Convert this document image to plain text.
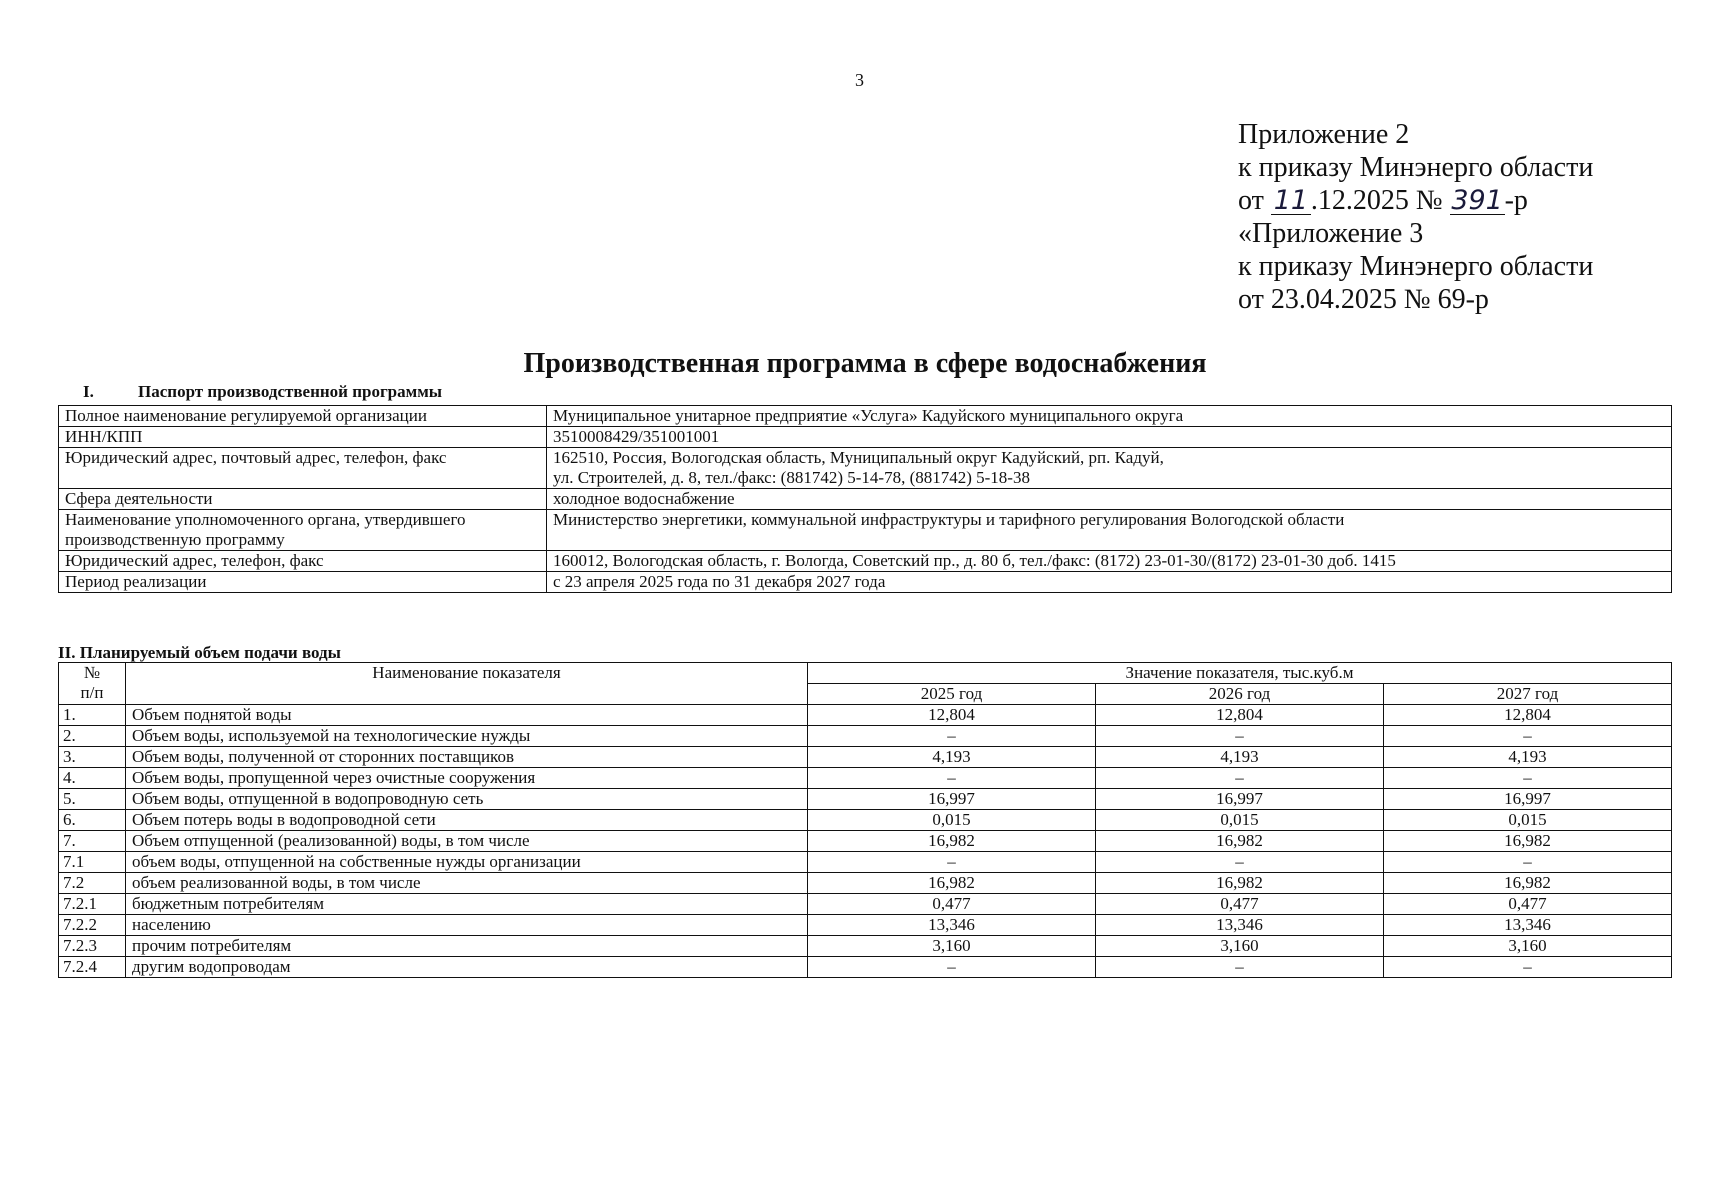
3
Приложение 2
к приказу Минэнерго области
от 11 .12.2025 № 391-р
«Приложение 3
к приказу Минэнерго области
от 23.04.2025 № 69-р
Производственная программа в сфере водоснабжения
I.	Паспорт производственной программы
Полное наименование регулируемой организации	Муниципальное унитарное предприятие «Услуга» Кадуйского муниципального округа
ИНН/КПП	3510008429/351001001
Юридический адрес, почтовый адрес, телефон, факс	162510, Россия, Вологодская область, Муниципальный округ Кадуйский, рп. Кадуй,
ул. Строителей, д. 8, тел./факс: (881742) 5-14-78, (881742) 5-18-38
Сфера деятельности	холодное водоснабжение
Наименование уполномоченного органа, утвердившего производственную программу	Министерство энергетики, коммунальной инфраструктуры и тарифного регулирования Вологодской области
Юридический адрес, телефон, факс	160012, Вологодская область, г. Вологда, Советский пр., д. 80 б, тел./факс: (8172) 23-01-30/(8172) 23-01-30 доб. 1415
Период реализации	с 23 апреля 2025 года по 31 декабря 2027 года
II. Планируемый объем подачи воды
№
п/п	Наименование показателя	Значение показателя, тыс.куб.м		
		2025 год	2026 год	2027 год
1.	Объем поднятой воды	12,804	12,804	12,804
2.	Объем воды, используемой на технологические нужды	–	–	–
3.	Объем воды, полученной от сторонних поставщиков	4,193	4,193	4,193
4.	Объем воды, пропущенной через очистные сооружения	–	–	–
5.	Объем воды, отпущенной в водопроводную сеть	16,997	16,997	16,997
6.	Объем потерь воды в водопроводной сети	0,015	0,015	0,015
7.	Объем отпущенной (реализованной) воды, в том числе	16,982	16,982	16,982
7.1	объем воды, отпущенной на собственные нужды организации	–	–	–
7.2	объем реализованной воды, в том числе	16,982	16,982	16,982
7.2.1	бюджетным потребителям	0,477	0,477	0,477
7.2.2	населению	13,346	13,346	13,346
7.2.3	прочим потребителям	3,160	3,160	3,160
7.2.4	другим водопроводам	–	–	–
